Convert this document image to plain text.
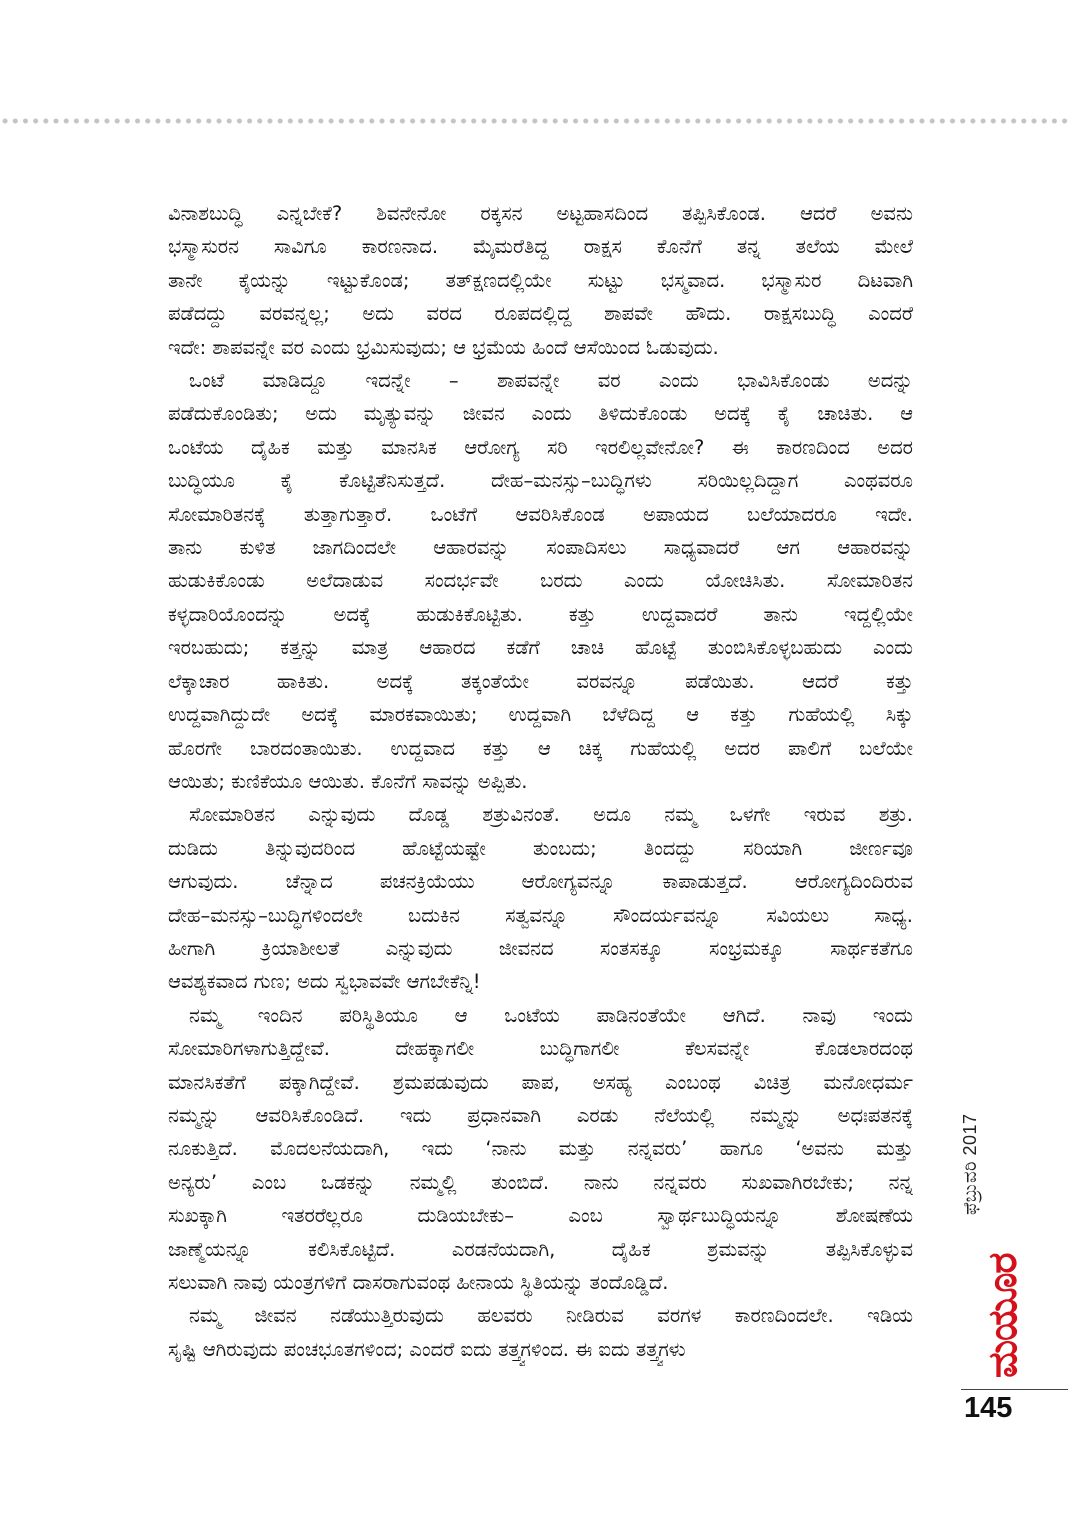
ವಿನಾಶಬುದ್ಧಿ ಎನ್ನಬೇಕೆ? ಶಿವನೇನೋ ರಕ್ಕಸನ ಅಟ್ಟಹಾಸದಿಂದ ತಪ್ಪಿಸಿಕೊಂಡ. ಆದರೆ ಅವನು
ಭಸ್ಮಾಸುರನ ಸಾವಿಗೂ ಕಾರಣನಾದ. ಮೈಮರೆತಿದ್ದ ರಾಕ್ಷಸ ಕೊನೆಗೆ ತನ್ನ ತಲೆಯ ಮೇಲೆ
ತಾನೇ ಕೈಯನ್ನು ಇಟ್ಟುಕೊಂಡ; ತತ್‍ಕ್ಷಣದಲ್ಲಿಯೇ ಸುಟ್ಟು ಭಸ್ಮವಾದ. ಭಸ್ಮಾಸುರ ದಿಟವಾಗಿ
ಪಡೆದದ್ದು ವರವನ್ನಲ್ಲ; ಅದು ವರದ ರೂಪದಲ್ಲಿದ್ದ ಶಾಪವೇ ಹೌದು. ರಾಕ್ಷಸಬುದ್ಧಿ ಎಂದರೆ
ಇದೇ: ಶಾಪವನ್ನೇ ವರ ಎಂದು ಭ್ರಮಿಸುವುದು; ಆ ಭ್ರಮೆಯ ಹಿಂದೆ ಆಸೆಯಿಂದ ಓಡುವುದು.
ಒಂಟೆ ಮಾಡಿದ್ದೂ ಇದನ್ನೇ – ಶಾಪವನ್ನೇ ವರ ಎಂದು ಭಾವಿಸಿಕೊಂಡು ಅದನ್ನು
ಪಡೆದುಕೊಂಡಿತು; ಅದು ಮೃತ್ಯುವನ್ನು ಜೀವನ ಎಂದು ತಿಳಿದುಕೊಂಡು ಅದಕ್ಕೆ ಕೈ ಚಾಚಿತು. ಆ
ಒಂಟೆಯ ದೈಹಿಕ ಮತ್ತು ಮಾನಸಿಕ ಆರೋಗ್ಯ ಸರಿ ಇರಲಿಲ್ಲವೇನೋ? ಈ ಕಾರಣದಿಂದ ಅದರ
ಬುದ್ಧಿಯೂ ಕೈ ಕೊಟ್ಟಿತೆನಿಸುತ್ತದೆ. ದೇಹ–ಮನಸ್ಸು–ಬುದ್ಧಿಗಳು ಸರಿಯಿಲ್ಲದಿದ್ದಾಗ ಎಂಥವರೂ
ಸೋಮಾರಿತನಕ್ಕೆ ತುತ್ತಾಗುತ್ತಾರೆ. ಒಂಟೆಗೆ ಆವರಿಸಿಕೊಂಡ ಅಪಾಯದ ಬಲೆಯಾದರೂ ಇದೇ.
ತಾನು ಕುಳಿತ ಜಾಗದಿಂದಲೇ ಆಹಾರವನ್ನು ಸಂಪಾದಿಸಲು ಸಾಧ್ಯವಾದರೆ ಆಗ ಆಹಾರವನ್ನು
ಹುಡುಕಿಕೊಂಡು ಅಲೆದಾಡುವ ಸಂದರ್ಭವೇ ಬರದು ಎಂದು ಯೋಚಿಸಿತು. ಸೋಮಾರಿತನ
ಕಳ್ಳದಾರಿಯೊಂದನ್ನು ಅದಕ್ಕೆ ಹುಡುಕಿಕೊಟ್ಟಿತು. ಕತ್ತು ಉದ್ದವಾದರೆ ತಾನು ಇದ್ದಲ್ಲಿಯೇ
ಇರಬಹುದು; ಕತ್ತನ್ನು ಮಾತ್ರ ಆಹಾರದ ಕಡೆಗೆ ಚಾಚಿ ಹೊಟ್ಟೆ ತುಂಬಿಸಿಕೊಳ್ಳಬಹುದು ಎಂದು
ಲೆಕ್ಕಾಚಾರ ಹಾಕಿತು. ಅದಕ್ಕೆ ತಕ್ಕಂತೆಯೇ ವರವನ್ನೂ ಪಡೆಯಿತು. ಆದರೆ ಕತ್ತು
ಉದ್ದವಾಗಿದ್ದುದೇ ಅದಕ್ಕೆ ಮಾರಕವಾಯಿತು; ಉದ್ದವಾಗಿ ಬೆಳೆದಿದ್ದ ಆ ಕತ್ತು ಗುಹೆಯಲ್ಲಿ ಸಿಕ್ಕು
ಹೊರಗೇ ಬಾರದಂತಾಯಿತು. ಉದ್ದವಾದ ಕತ್ತು ಆ ಚಿಕ್ಕ ಗುಹೆಯಲ್ಲಿ ಅದರ ಪಾಲಿಗೆ ಬಲೆಯೇ
ಆಯಿತು; ಕುಣಿಕೆಯೂ ಆಯಿತು. ಕೊನೆಗೆ ಸಾವನ್ನು ಅಪ್ಪಿತು.
ಸೋಮಾರಿತನ ಎನ್ನುವುದು ದೊಡ್ಡ ಶತ್ರುವಿನಂತೆ. ಅದೂ ನಮ್ಮ ಒಳಗೇ ಇರುವ ಶತ್ರು.
ದುಡಿದು ತಿನ್ನುವುದರಿಂದ ಹೊಟ್ಟೆಯಷ್ಟೇ ತುಂಬದು; ತಿಂದದ್ದು ಸರಿಯಾಗಿ ಜೀರ್ಣವೂ
ಆಗುವುದು. ಚೆನ್ನಾದ ಪಚನಕ್ರಿಯೆಯು ಆರೋಗ್ಯವನ್ನೂ ಕಾಪಾಡುತ್ತದೆ. ಆರೋಗ್ಯದಿಂದಿರುವ
ದೇಹ–ಮನಸ್ಸು–ಬುದ್ಧಿಗಳಿಂದಲೇ ಬದುಕಿನ ಸತ್ವವನ್ನೂ ಸೌಂದರ್ಯವನ್ನೂ ಸವಿಯಲು ಸಾಧ್ಯ.
ಹೀಗಾಗಿ ಕ್ರಿಯಾಶೀಲತೆ ಎನ್ನುವುದು ಜೀವನದ ಸಂತಸಕ್ಕೂ ಸಂಭ್ರಮಕ್ಕೂ ಸಾರ್ಥಕತೆಗೂ
ಆವಶ್ಯಕವಾದ ಗುಣ; ಅದು ಸ್ವಭಾವವೇ ಆಗಬೇಕೆನ್ನಿ!
ನಮ್ಮ ಇಂದಿನ ಪರಿಸ್ಥಿತಿಯೂ ಆ ಒಂಟೆಯ ಪಾಡಿನಂತೆಯೇ ಆಗಿದೆ. ನಾವು ಇಂದು
ಸೋಮಾರಿಗಳಾಗುತ್ತಿದ್ದೇವೆ. ದೇಹಕ್ಕಾಗಲೀ ಬುದ್ಧಿಗಾಗಲೀ ಕೆಲಸವನ್ನೇ ಕೊಡಲಾರದಂಥ
ಮಾನಸಿಕತೆಗೆ ಪಕ್ಕಾಗಿದ್ದೇವೆ. ಶ್ರಮಪಡುವುದು ಪಾಪ, ಅಸಹ್ಯ ಎಂಬಂಥ ವಿಚಿತ್ರ ಮನೋಧರ್ಮ
ನಮ್ಮನ್ನು ಆವರಿಸಿಕೊಂಡಿದೆ. ಇದು ಪ್ರಧಾನವಾಗಿ ಎರಡು ನೆಲೆಯಲ್ಲಿ ನಮ್ಮನ್ನು ಅಧಃಪತನಕ್ಕೆ
ನೂಕುತ್ತಿದೆ. ಮೊದಲನೆಯದಾಗಿ, ಇದು ‘ನಾನು ಮತ್ತು ನನ್ನವರು’ ಹಾಗೂ ‘ಅವನು ಮತ್ತು
ಅನ್ಯರು’ ಎಂಬ ಒಡಕನ್ನು ನಮ್ಮಲ್ಲಿ ತುಂಬಿದೆ. ನಾನು ನನ್ನವರು ಸುಖವಾಗಿರಬೇಕು; ನನ್ನ
ಸುಖಕ್ಕಾಗಿ ಇತರರೆಲ್ಲರೂ ದುಡಿಯಬೇಕು– ಎಂಬ ಸ್ವಾರ್ಥಬುದ್ಧಿಯನ್ನೂ ಶೋಷಣೆಯ
ಜಾಣ್ಮೆಯನ್ನೂ ಕಲಿಸಿಕೊಟ್ಟಿದೆ. ಎರಡನೆಯದಾಗಿ, ದೈಹಿಕ ಶ್ರಮವನ್ನು ತಪ್ಪಿಸಿಕೊಳ್ಳುವ
ಸಲುವಾಗಿ ನಾವು ಯಂತ್ರಗಳಿಗೆ ದಾಸರಾಗುವಂಥ ಹೀನಾಯ ಸ್ಥಿತಿಯನ್ನು ತಂದೊಡ್ಡಿದೆ.
ನಮ್ಮ ಜೀವನ ನಡೆಯುತ್ತಿರುವುದು ಹಲವರು ನೀಡಿರುವ ವರಗಳ ಕಾರಣದಿಂದಲೇ. ಇಡಿಯ
ಸೃಷ್ಟಿ ಆಗಿರುವುದು ಪಂಚಭೂತಗಳಿಂದ; ಎಂದರೆ ಐದು ತತ್ತ್ವಗಳಿಂದ. ಈ ಐದು ತತ್ತ್ವಗಳು
ಫೆಬ್ರುವರಿ 2017
ಮಯೂರ
145
